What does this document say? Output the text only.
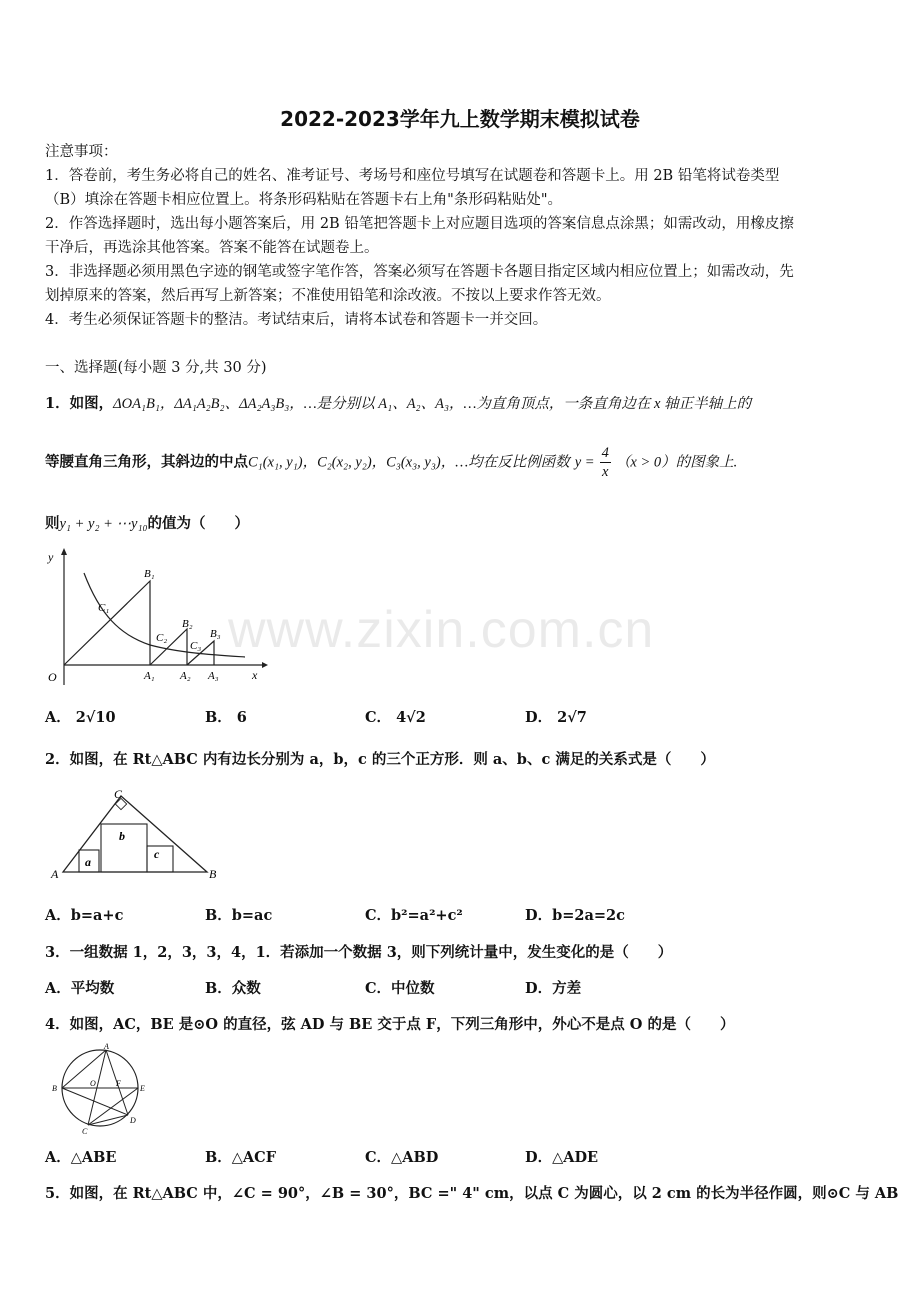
2022-2023学年九上数学期末模拟试卷
注意事项：
1．答卷前，考生务必将自己的姓名、准考证号、考场号和座位号填写在试题卷和答题卡上。用 2B 铅笔将试卷类型
（B）填涂在答题卡相应位置上。将条形码粘贴在答题卡右上角"条形码粘贴处"。
2．作答选择题时，选出每小题答案后，用 2B 铅笔把答题卡上对应题目选项的答案信息点涂黑；如需改动，用橡皮擦
干净后，再选涂其他答案。答案不能答在试题卷上。
3．非选择题必须用黑色字迹的钢笔或签字笔作答，答案必须写在答题卡各题目指定区域内相应位置上；如需改动，先
划掉原来的答案，然后再写上新答案；不准使用铅笔和涂改液。不按以上要求作答无效。
4．考生必须保证答题卡的整洁。考试结束后，请将本试卷和答题卡一并交回。
一、选择题(每小题 3 分,共 30 分)
1．如图，ΔOA₁B₁，ΔA₁A₂B₂、ΔA₂A₃B₃，…是分别以 A₁、A₂、A₃，…为直角顶点，一条直角边在 x 轴正半轴上的
等腰直角三角形，其斜边的中点C₁(x₁, y₁)，C₂(x₂, y₂)，C₃(x₃, y₃)，…均在反比例函数 $y = \frac{4}{x} (x > 0)$的图象上.
则y₁ + y₂ + ⋯y₁₀的值为（　　）
y
x
O
B₁
C₁
B₂
C₂	B₃
C₃
A₁ A₂ A₃
A． 2√10	B． 6	C． 4√2	D． 2√7
www.zixin.com.cn
2．如图，在 Rt△ABC 内有边长分别为 a，b，c 的三个正方形．则 a、b、c 满足的关系式是（　　）
A	B
C
a
b
c
A．b=a+c	B．b=ac	C．b²=a²+c²	D．b=2a=2c
3．一组数据 1，2，3，3，4，1．若添加一个数据 3，则下列统计量中，发生变化的是（　　）
A．平均数	B．众数	C．中位数	D．方差
4．如图，AC，BE 是⊙O 的直径，弦 AD 与 BE 交于点 F，下列三角形中，外心不是点 O 的是（　　）
A
B
C
D
E
F
O
A．△ABE	B．△ACF	C．△ABD	D．△ADE
5．如图，在 Rt△ABC 中，∠C = 90°，∠B = 30°，BC =" 4" cm，以点 C 为圆心，以 2 cm 的长为半径作圆，则⊙C 与 AB
